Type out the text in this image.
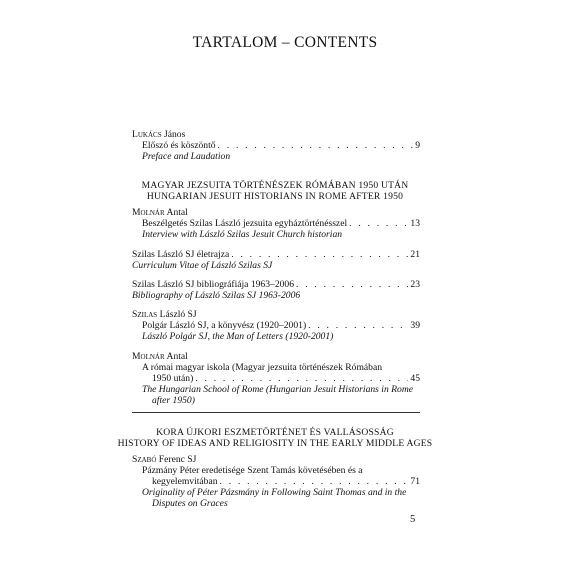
TARTALOM – CONTENTS
Lukács János
Előszó és köszöntő . . .	9
Preface and Laudation
MAGYAR JEZSUITA TÖRTÉNÉSZEK RÓMÁBAN 1950 UTÁN
HUNGARIAN JESUIT HISTORIANS IN ROME AFTER 1950
Molnár Antal
Beszélgetés Szilas László jezsuita egyháztörténésszel . . .	13
Interview with László Szilas Jesuit Church historian
Szilas László SJ életrajza . . .	21
Curriculum Vitae of László Szilas SJ
Szilas László SJ bibliográfiája 1963–2006 . . .	23
Bibliography of László Szilas SJ 1963-2006
Szilas László SJ
Polgár László SJ, a könyvész (1920–2001) . . .	39
László Polgár SJ, the Man of Letters (1920-2001)
Molnár Antal
A római magyar iskola (Magyar jezsuita történészek Rómában
1950 után) . . .	45
The Hungarian School of Rome (Hungarian Jesuit Historians in Rome
after 1950)
KORA ÚJKORI ESZMETÖRTÉNET ÉS VALLÁSOSSÁG
HISTORY OF IDEAS AND RELIGIOSITY IN THE EARLY MIDDLE AGES
Szabó Ferenc SJ
Pázmány Péter eredetisége Szent Tamás követésében és a
kegyelemvitában . . .	71
Originality of Péter Pázsmány in Following Saint Thomas and in the
Disputes on Graces
5
